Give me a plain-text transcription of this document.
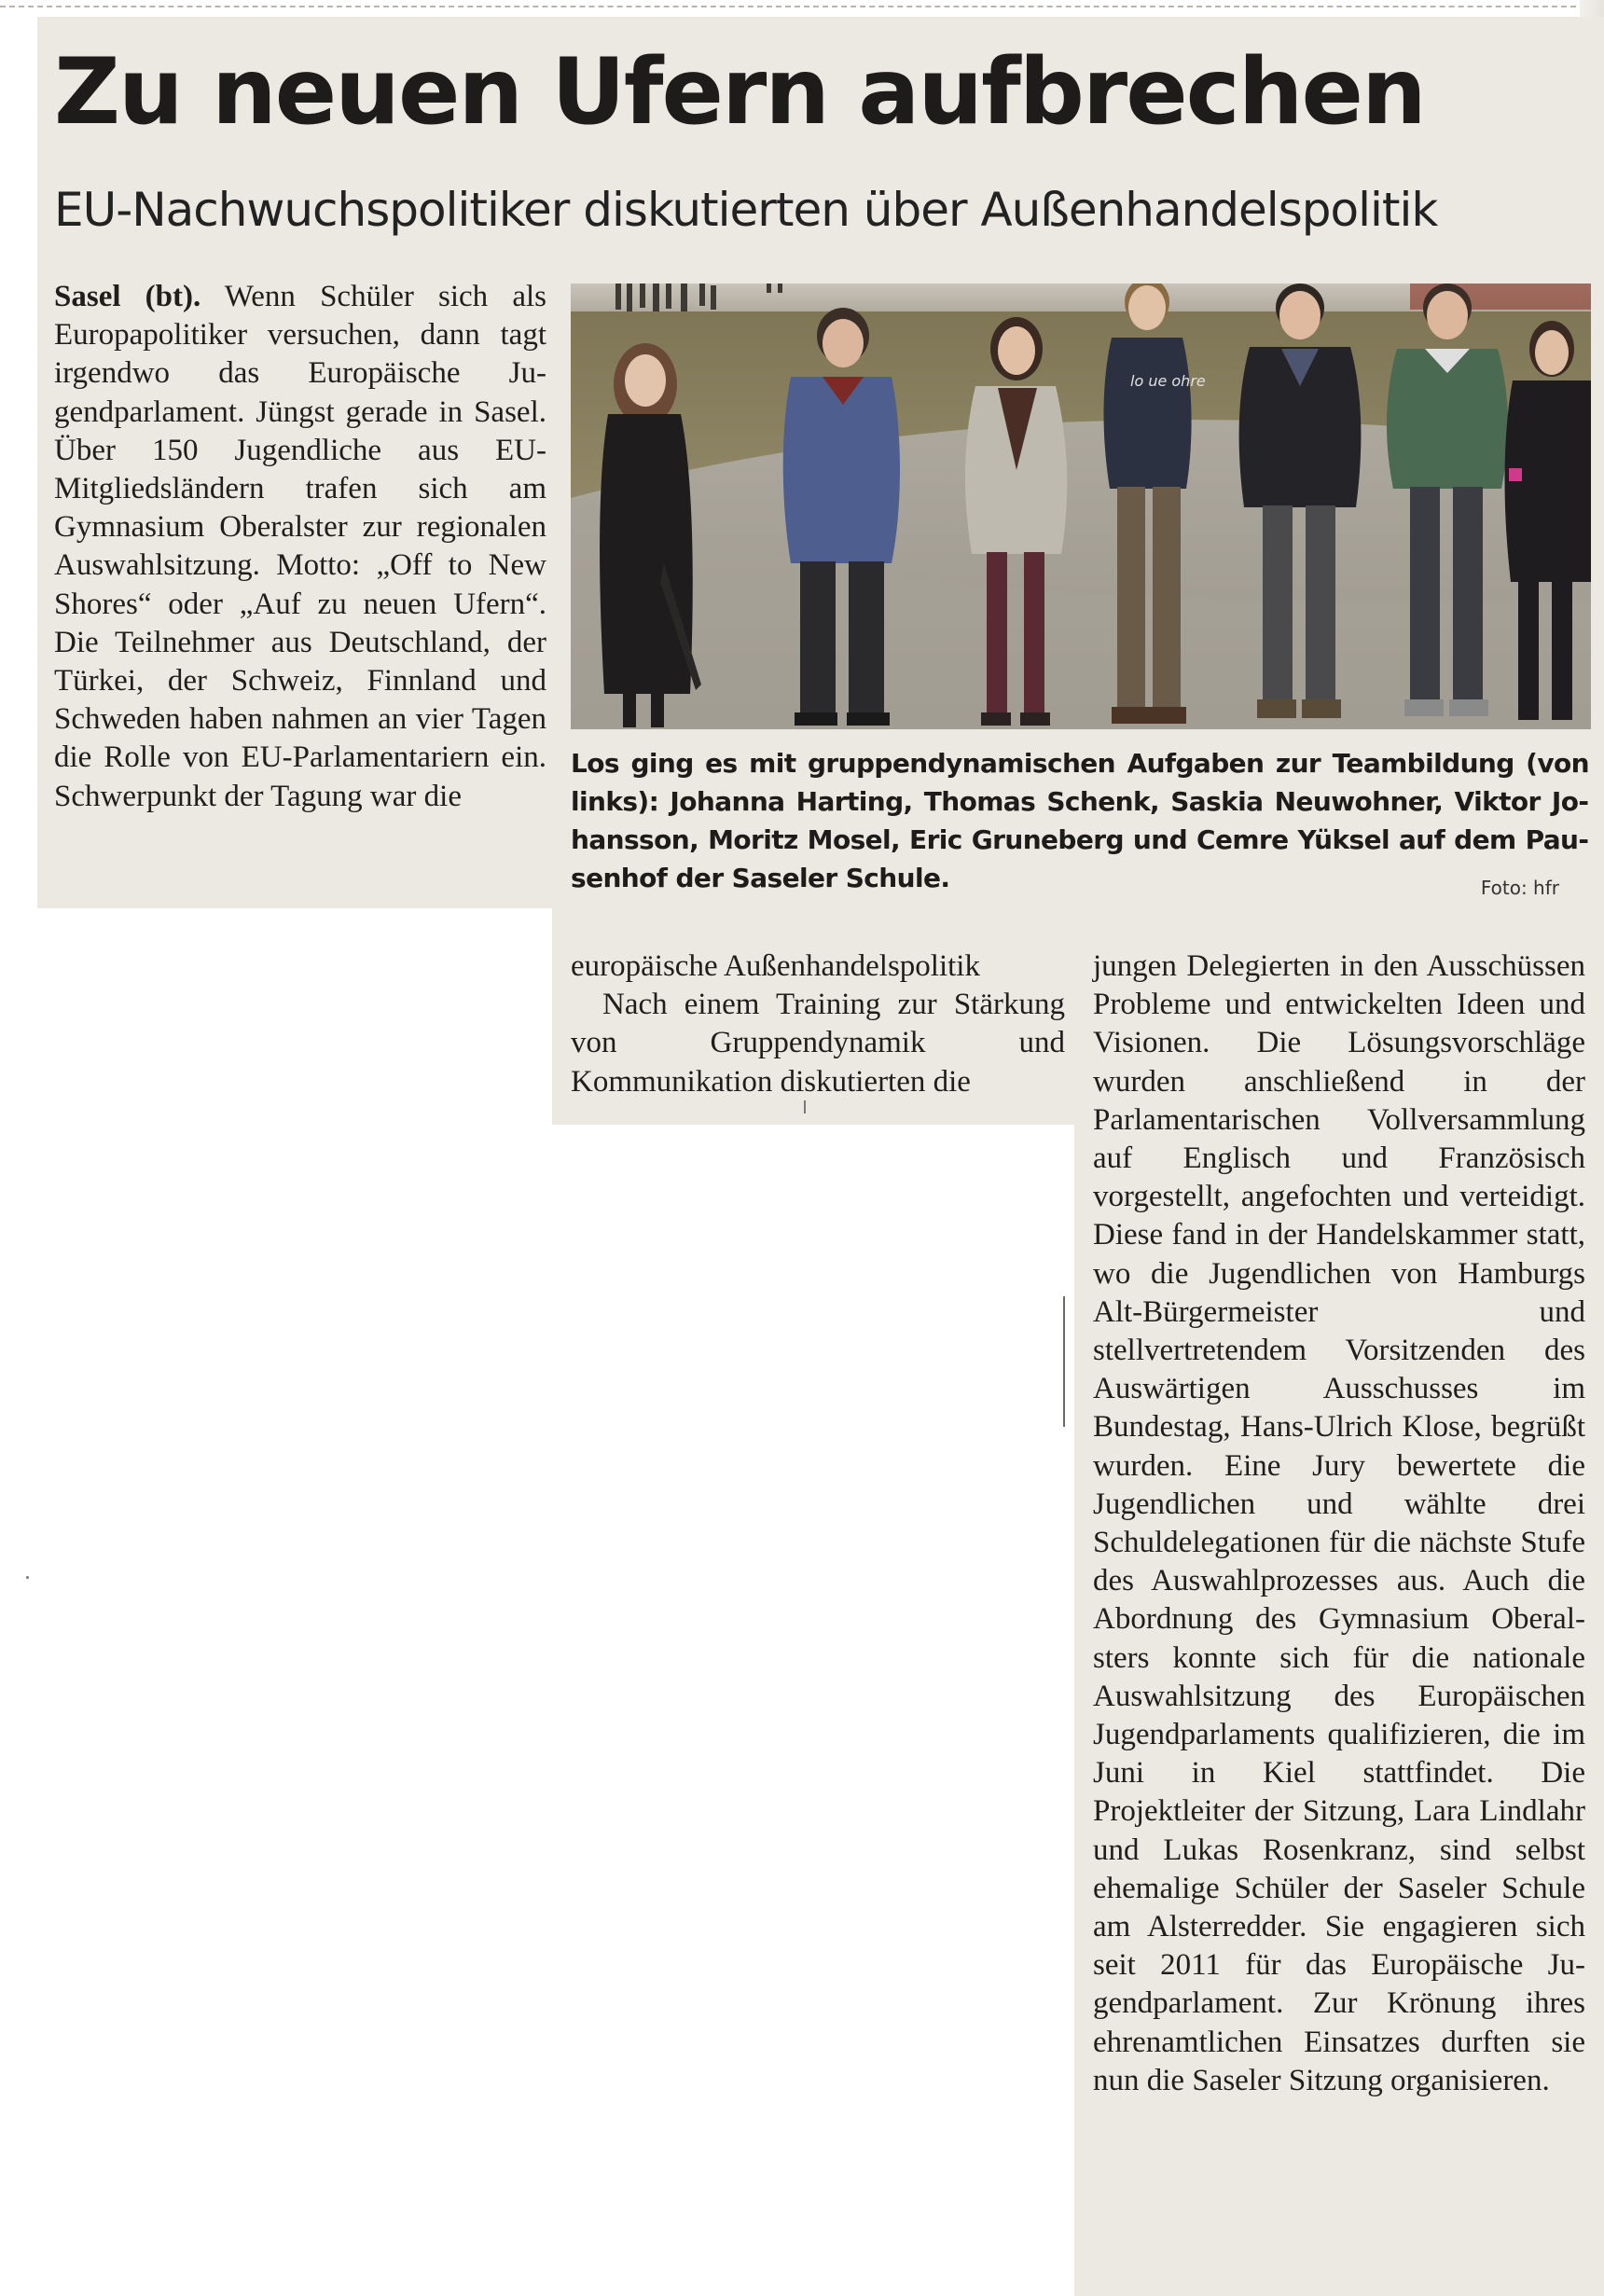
Zu neuen Ufern aufbrechen
EU-Nachwuchspolitiker diskutierten über Außenhandelspolitik
Sasel (bt). Wenn Schüler sich als Europapolitiker versuchen, dann tagt irgendwo das Europäische Jugendparlament. Jüngst gerade in Sasel. Über 150 Jugendliche aus EU-Mitgliedsländern trafen sich am Gymnasium Oberalster zur regionalen Auswahlsitzung. Motto: „Off to New Shores“ oder „Auf zu neuen Ufern“. Die Teilnehmer aus Deutschland, der Türkei, der Schweiz, Finnland und Schweden haben nahmen an vier Tagen die Rolle von EU-Parlamentariern ein. Schwerpunkt der Tagung war die
lo ue ohre
Los ging es mit gruppendynamischen Aufgaben zur Teambildung (von links): Johanna Harting, Thomas Schenk, Saskia Neuwohner, Viktor Johansson, Moritz Mosel, Eric Gruneberg und Cemre Yüksel auf dem Pausenhof der Saseler Schule.	Foto: hfr
europäische Außenhandelspolitik
Nach einem Training zur Stärkung von Gruppendynamik und Kommunikation diskutierten die
jungen Delegierten in den Ausschüssen Probleme und entwickelten Ideen und Visionen. Die Lösungsvorschläge wurden anschließend in der Parlamentarischen Vollversammlung auf Englisch und Französisch vorgestellt, angefochten und verteidigt. Diese fand in der Handelskammer statt, wo die Jugendlichen von Hamburgs Alt-Bürgermeister und stellvertretendem Vorsitzenden des Auswärtigen Ausschusses im Bundestag, Hans-Ulrich Klose, begrüßt wurden. Eine Jury bewertete die Jugendlichen und wählte drei Schuldelegationen für die nächste Stufe des Auswahlprozesses aus. Auch die Abordnung des Gymnasium Oberalsters konnte sich für die nationale Auswahlsitzung des Europäischen Jugendparlaments qualifizieren, die im Juni in Kiel stattfindet. Die Projektleiter der Sitzung, Lara Lindlahr und Lukas Rosenkranz, sind selbst ehemalige Schüler der Saseler Schule am Alsterredder. Sie engagieren sich seit 2011 für das Europäische Jugendparlament. Zur Krönung ihres ehrenamtlichen Einsatzes durften sie nun die Saseler Sitzung organisieren.
